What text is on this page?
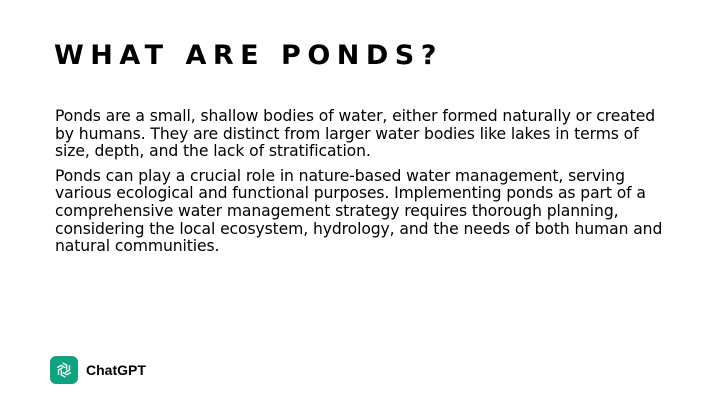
WHAT ARE PONDS?

Ponds are a small, shallow bodies of water, either formed naturally or created by humans. They are distinct from larger water bodies like lakes in terms of size, depth, and the lack of stratification.

Ponds can play a crucial role in nature-based water management, serving various ecological and functional purposes. Implementing ponds as part of a comprehensive water management strategy requires thorough planning, considering the local ecosystem, hydrology, and the needs of both human and natural communities.

ChatGPT
